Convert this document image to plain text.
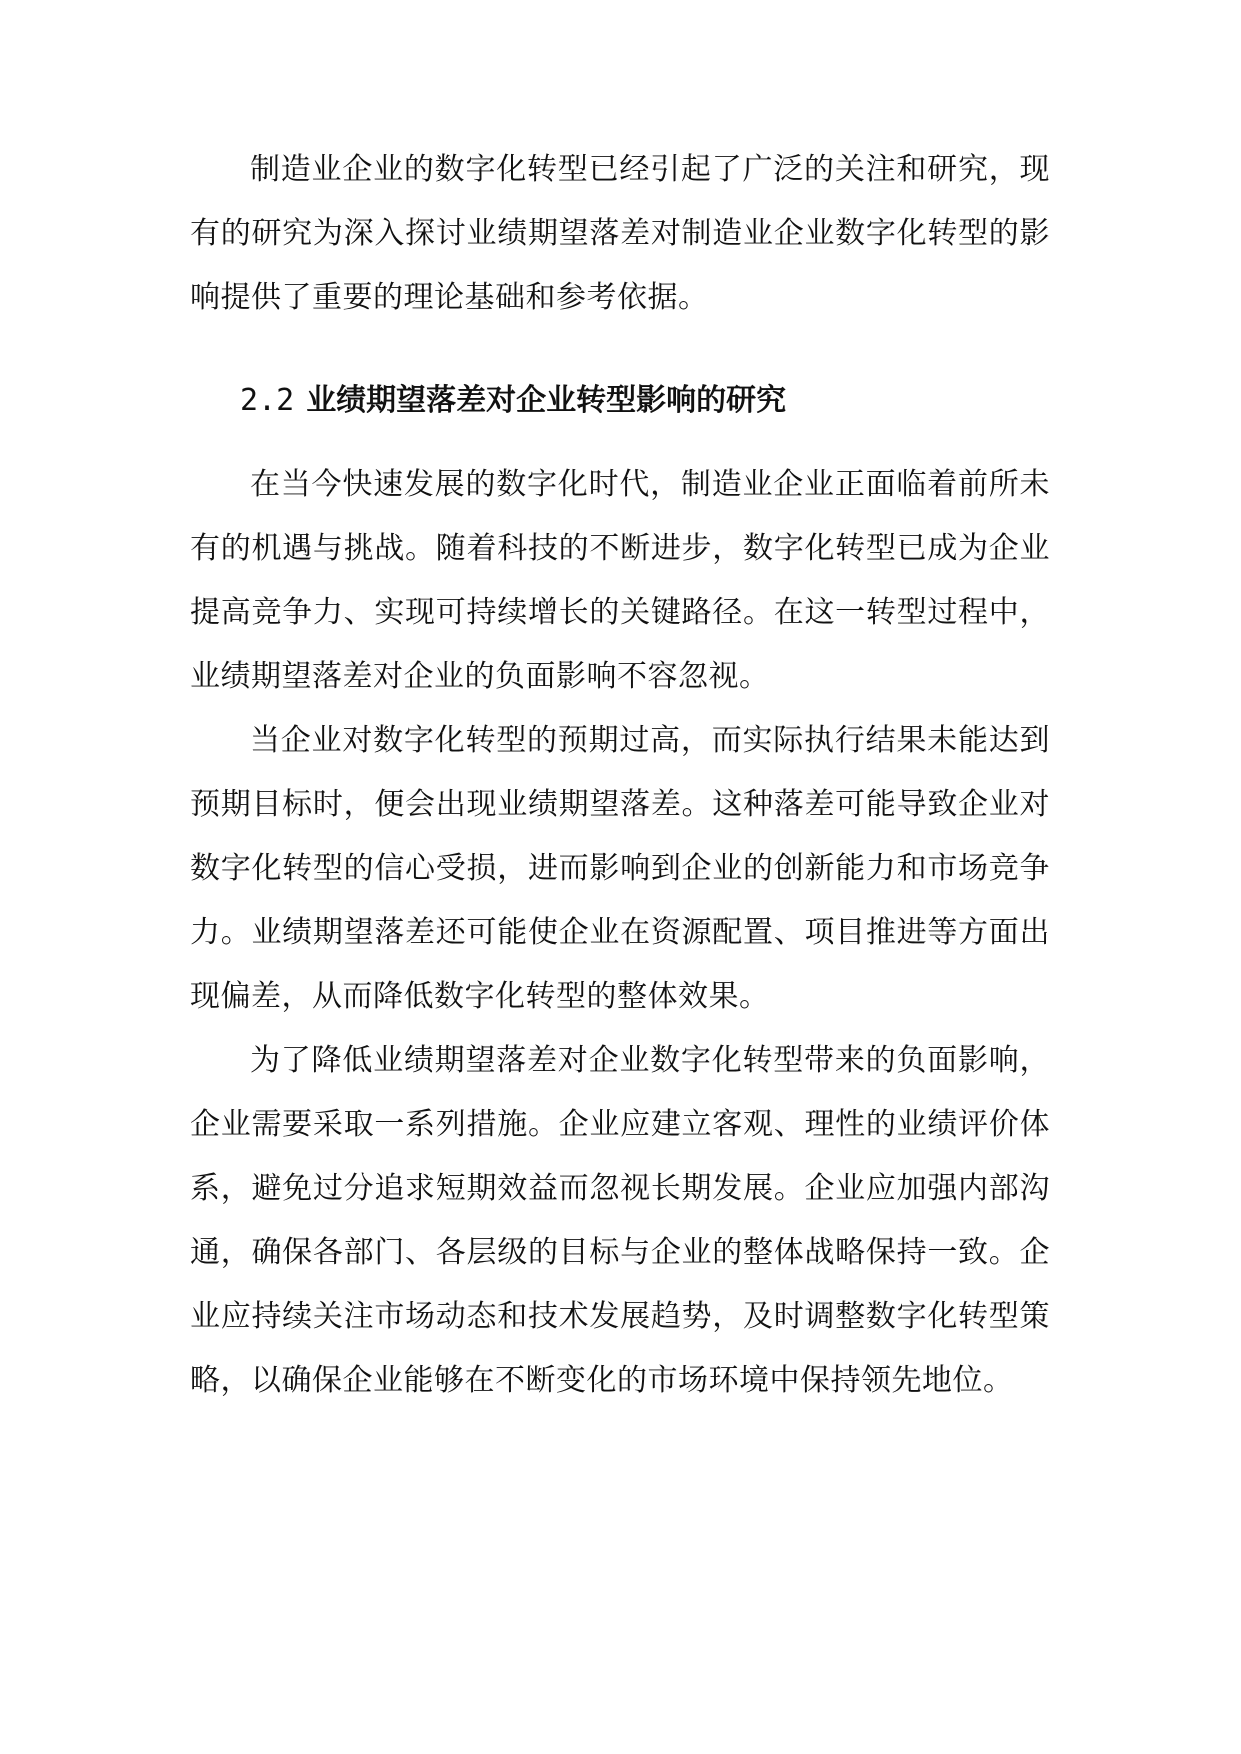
制造业企业的数字化转型已经引起了广泛的关注和研究，现有的研究为深入探讨业绩期望落差对制造业企业数字化转型的影响提供了重要的理论基础和参考依据。

2.2 业绩期望落差对企业转型影响的研究

在当今快速发展的数字化时代，制造业企业正面临着前所未有的机遇与挑战。随着科技的不断进步，数字化转型已成为企业提高竞争力、实现可持续增长的关键路径。在这一转型过程中，业绩期望落差对企业的负面影响不容忽视。

当企业对数字化转型的预期过高，而实际执行结果未能达到预期目标时，便会出现业绩期望落差。这种落差可能导致企业对数字化转型的信心受损，进而影响到企业的创新能力和市场竞争力。业绩期望落差还可能使企业在资源配置、项目推进等方面出现偏差，从而降低数字化转型的整体效果。

为了降低业绩期望落差对企业数字化转型带来的负面影响，企业需要采取一系列措施。企业应建立客观、理性的业绩评价体系，避免过分追求短期效益而忽视长期发展。企业应加强内部沟通，确保各部门、各层级的目标与企业的整体战略保持一致。企业应持续关注市场动态和技术发展趋势，及时调整数字化转型策略，以确保企业能够在不断变化的市场环境中保持领先地位。
